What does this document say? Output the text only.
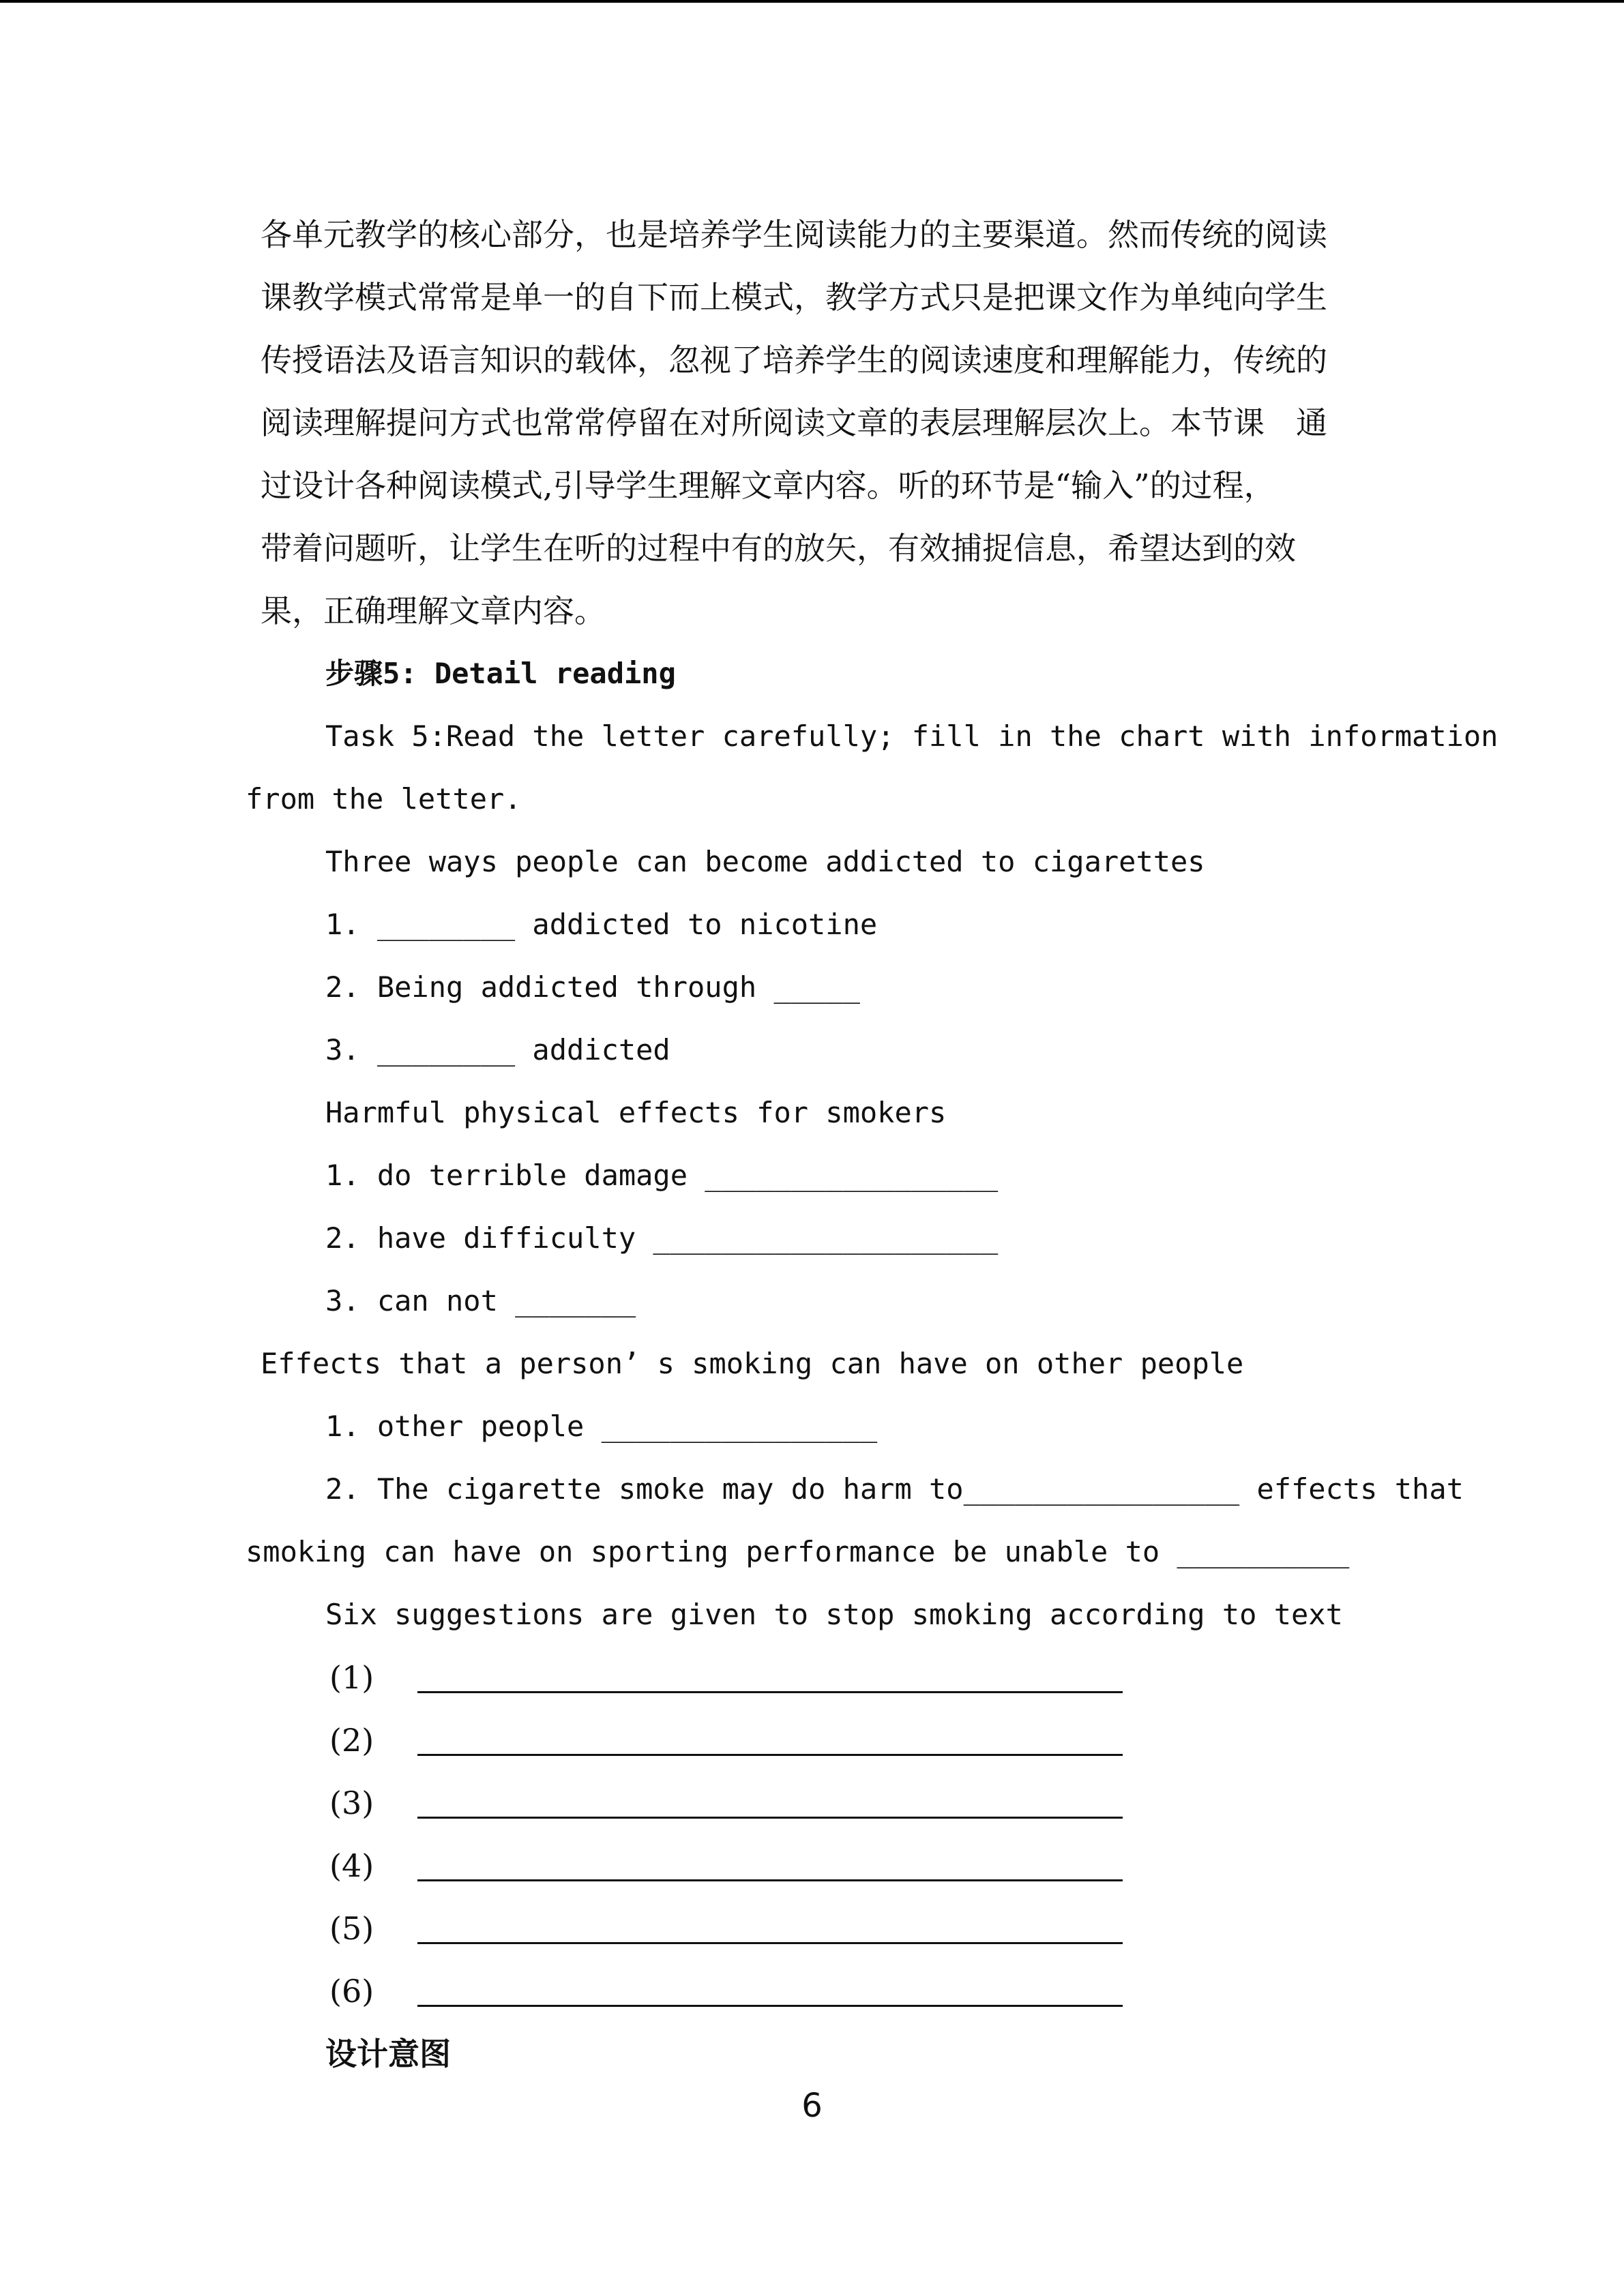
各单元教学的核心部分，也是培养学生阅读能力的主要渠道。然而传统的阅读
课教学模式常常是单一的自下而上模式，教学方式只是把课文作为单纯向学生
传授语法及语言知识的载体，忽视了培养学生的阅读速度和理解能力，传统的
阅读理解提问方式也常常停留在对所阅读文章的表层理解层次上。本节课　通
过设计各种阅读模式,引导学生理解文章内容。听的环节是“输入”的过程，
带着问题听，让学生在听的过程中有的放矢，有效捕捉信息，希望达到的效
果，正确理解文章内容。
步骤5: Detail reading
Task 5:Read the letter carefully; fill in the chart with information
from the letter.
Three ways people can become addicted to cigarettes
1. ________ addicted to nicotine
2. Being addicted through _____
3. ________ addicted
Harmful physical effects for smokers
1. do terrible damage _________________
2. have difficulty ____________________
3. can not _______
Effects that a person’ s smoking can have on other people
1. other people ________________
2. The cigarette smoke may do harm to________________ effects that
smoking can have on sporting performance be unable to __________
Six suggestions are given to stop smoking according to text
(1)
(2)
(3)
(4)
(5)
(6)
设计意图
6
